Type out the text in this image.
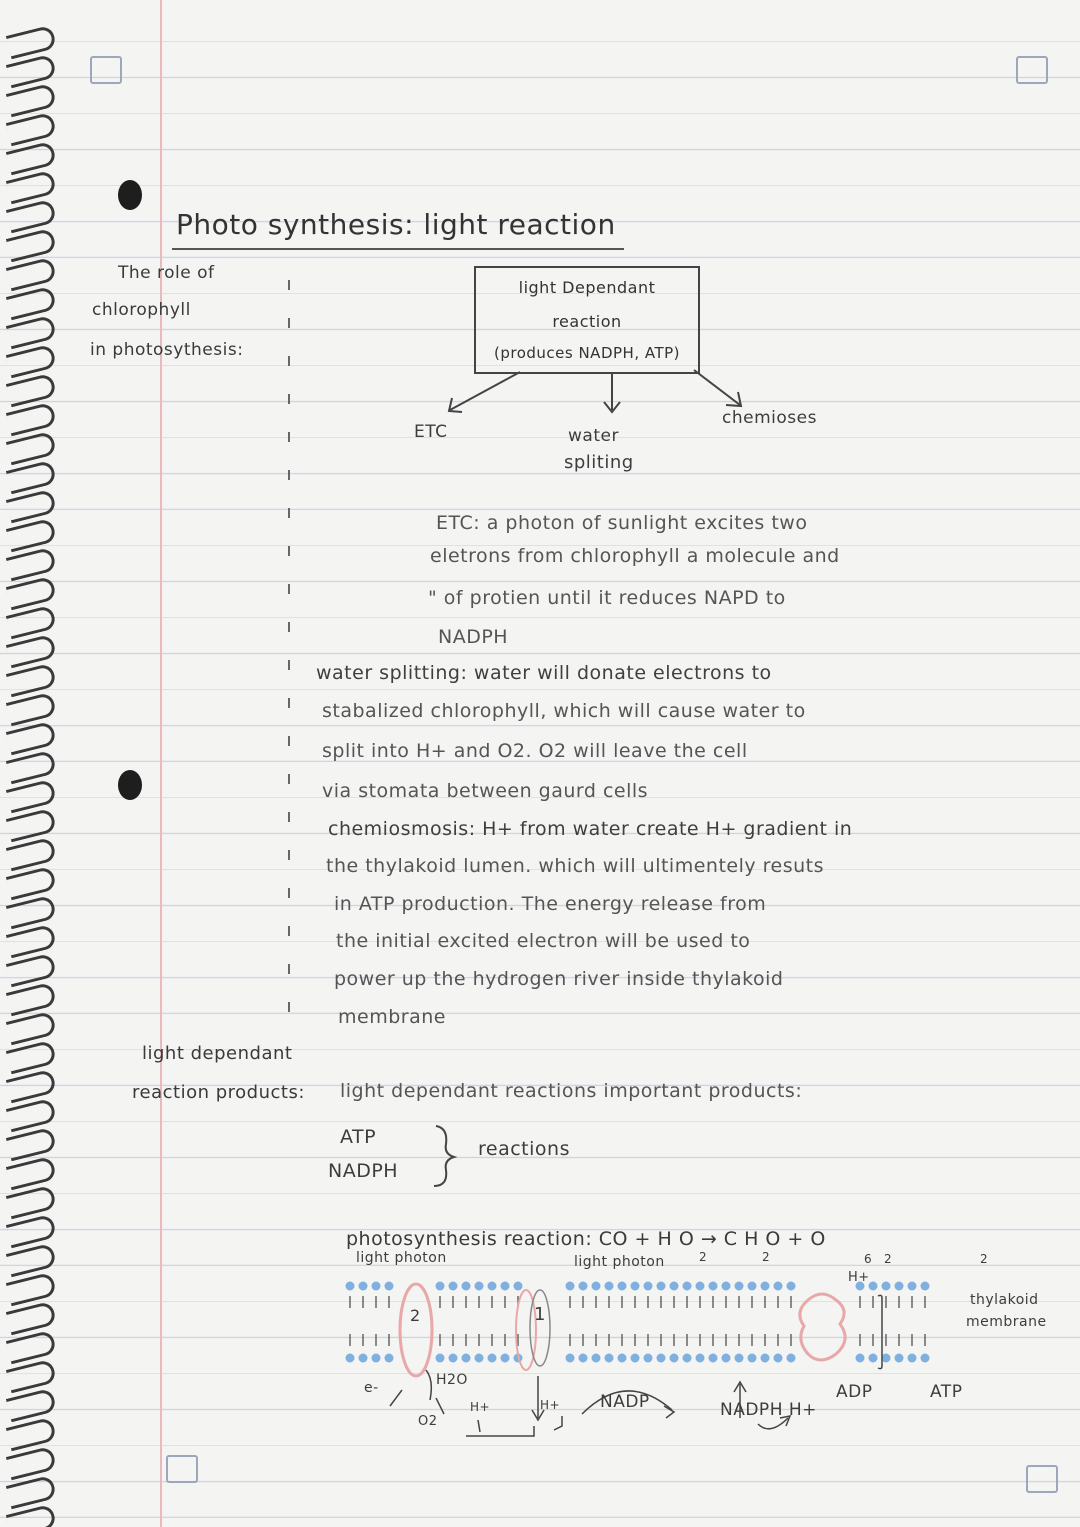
Photo synthesis: light reaction
The role of
chlorophyll
in photosythesis:
light Dependant
reaction
(produces NADPH, ATP)
ETC	water
spliting
chemioses
ETC: a photon of sunlight excites two
eletrons from chlorophyll a molecule and
" of protien until it reduces NAPD to
NADPH
water splitting: water will donate electrons to
stabalized chlorophyll, which will cause water to
split into H+ and O2. O2 will leave the cell
via stomata between gaurd cells
chemiosmosis: H+ from water create H+ gradient in
the thylakoid lumen. which will ultimentely resuts
in ATP production. The energy release from
the initial excited electron will be used to
power up the hydrogen river inside thylakoid
membrane
light dependant
reaction products: light dependant reactions important products:
ATP
NADPH
reactions
photosynthesis reaction: CO + H O → C H O + O
2	2	6 2	2
light photon	light photon
H+
2	1
e-	H2O
O2
H+	H+ NADP	NADPH H+
ADP	ATP
thylakoid
membrane
